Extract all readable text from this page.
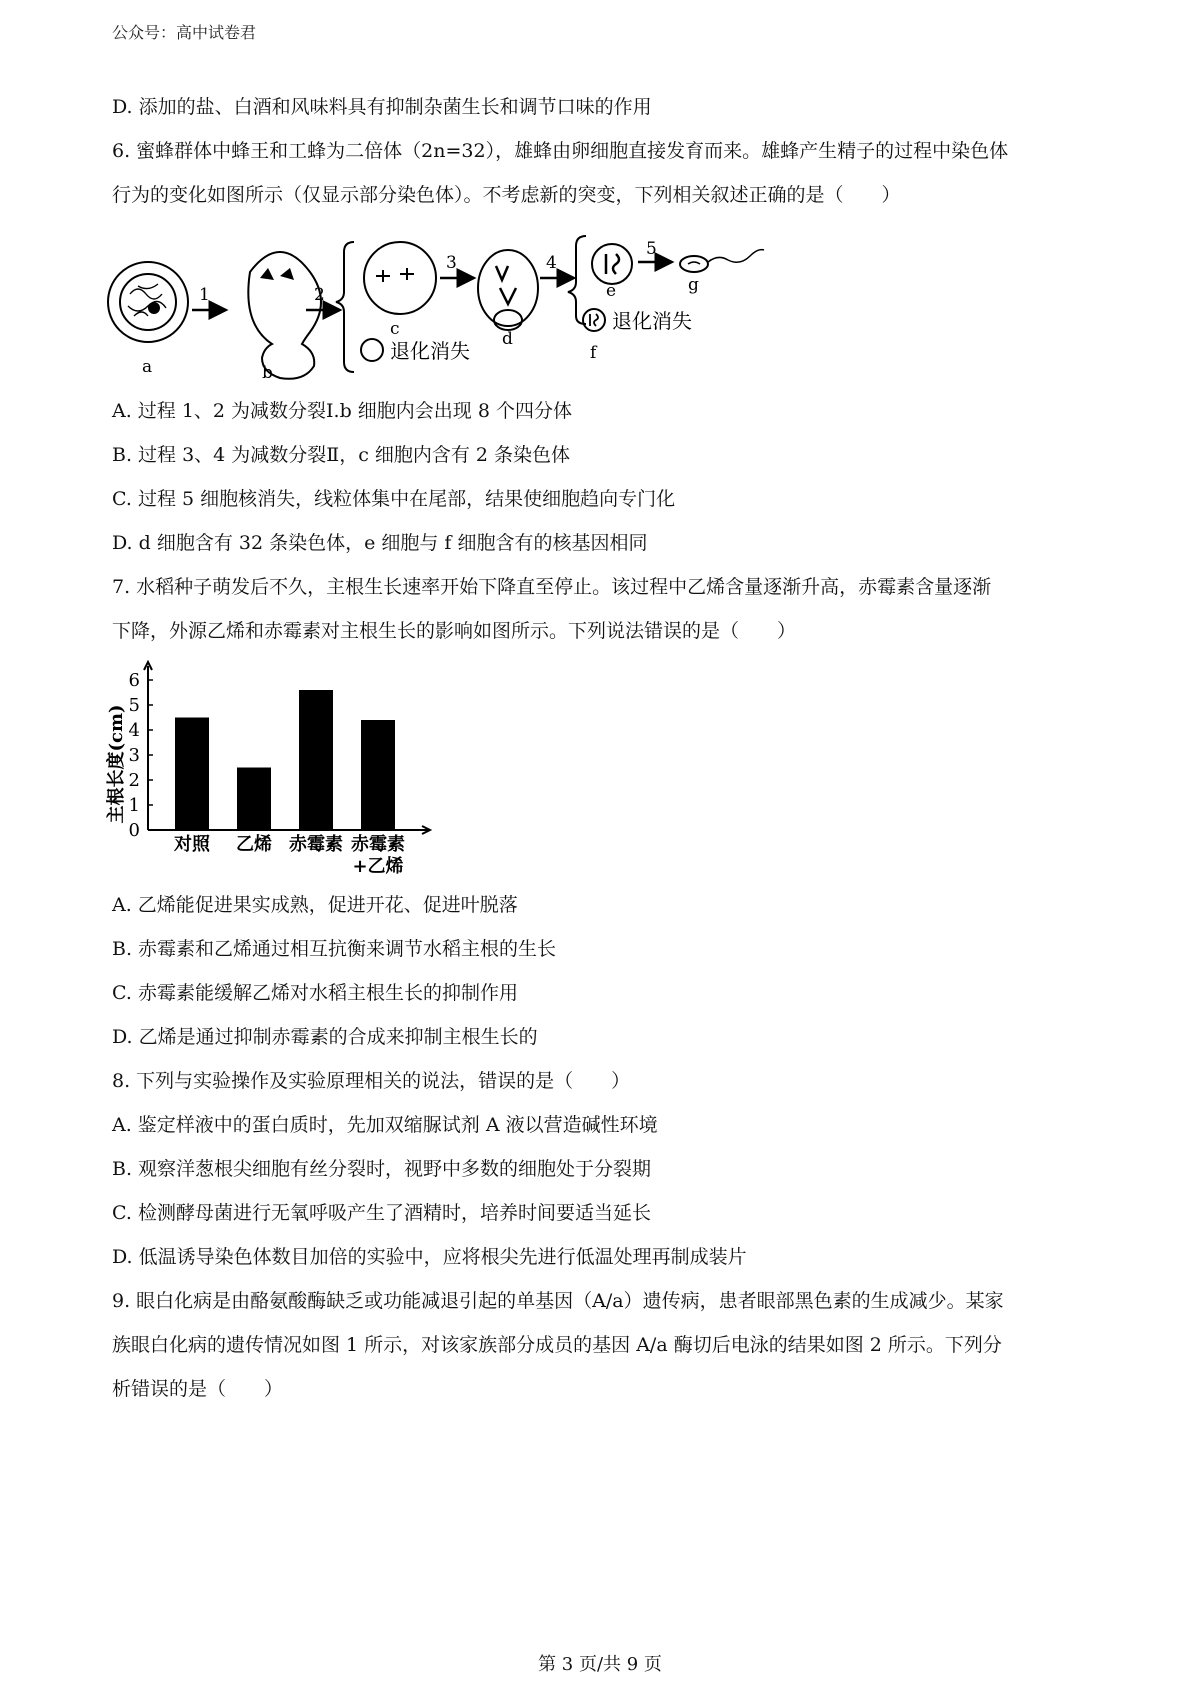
公众号：高中试卷君
D. 添加的盐、白酒和风味料具有抑制杂菌生长和调节口味的作用
6. 蜜蜂群体中蜂王和工蜂为二倍体（2n=32），雄蜂由卵细胞直接发育而来。雄蜂产生精子的过程中染色体
行为的变化如图所示（仅显示部分染色体）。不考虑新的突变，下列相关叙述正确的是（　　）
1
b
a
2
c
退化消失
3
d
4
e
退化消失
f
5
g
A. 过程 1、2 为减数分裂Ⅰ.b 细胞内会出现 8 个四分体
B. 过程 3、4 为减数分裂Ⅱ，c 细胞内含有 2 条染色体
C. 过程 5 细胞核消失，线粒体集中在尾部，结果使细胞趋向专门化
D. d 细胞含有 32 条染色体，e 细胞与 f 细胞含有的核基因相同
7. 水稻种子萌发后不久，主根生长速率开始下降直至停止。该过程中乙烯含量逐渐升高，赤霉素含量逐渐
下降，外源乙烯和赤霉素对主根生长的影响如图所示。下列说法错误的是（　　）
主根长度(cm)
0
1
2
3
4
5
6
对照 乙烯 赤霉素 赤霉素
+乙烯
A. 乙烯能促进果实成熟，促进开花、促进叶脱落
B. 赤霉素和乙烯通过相互抗衡来调节水稻主根的生长
C. 赤霉素能缓解乙烯对水稻主根生长的抑制作用
D. 乙烯是通过抑制赤霉素的合成来抑制主根生长的
8. 下列与实验操作及实验原理相关的说法，错误的是（　　）
A. 鉴定样液中的蛋白质时，先加双缩脲试剂 A 液以营造碱性环境
B. 观察洋葱根尖细胞有丝分裂时，视野中多数的细胞处于分裂期
C. 检测酵母菌进行无氧呼吸产生了酒精时，培养时间要适当延长
D. 低温诱导染色体数目加倍的实验中，应将根尖先进行低温处理再制成装片
9. 眼白化病是由酪氨酸酶缺乏或功能减退引起的单基因（A/a）遗传病，患者眼部黑色素的生成减少。某家
族眼白化病的遗传情况如图 1 所示，对该家族部分成员的基因 A/a 酶切后电泳的结果如图 2 所示。下列分
析错误的是（　　）
第 3 页/共 9 页
